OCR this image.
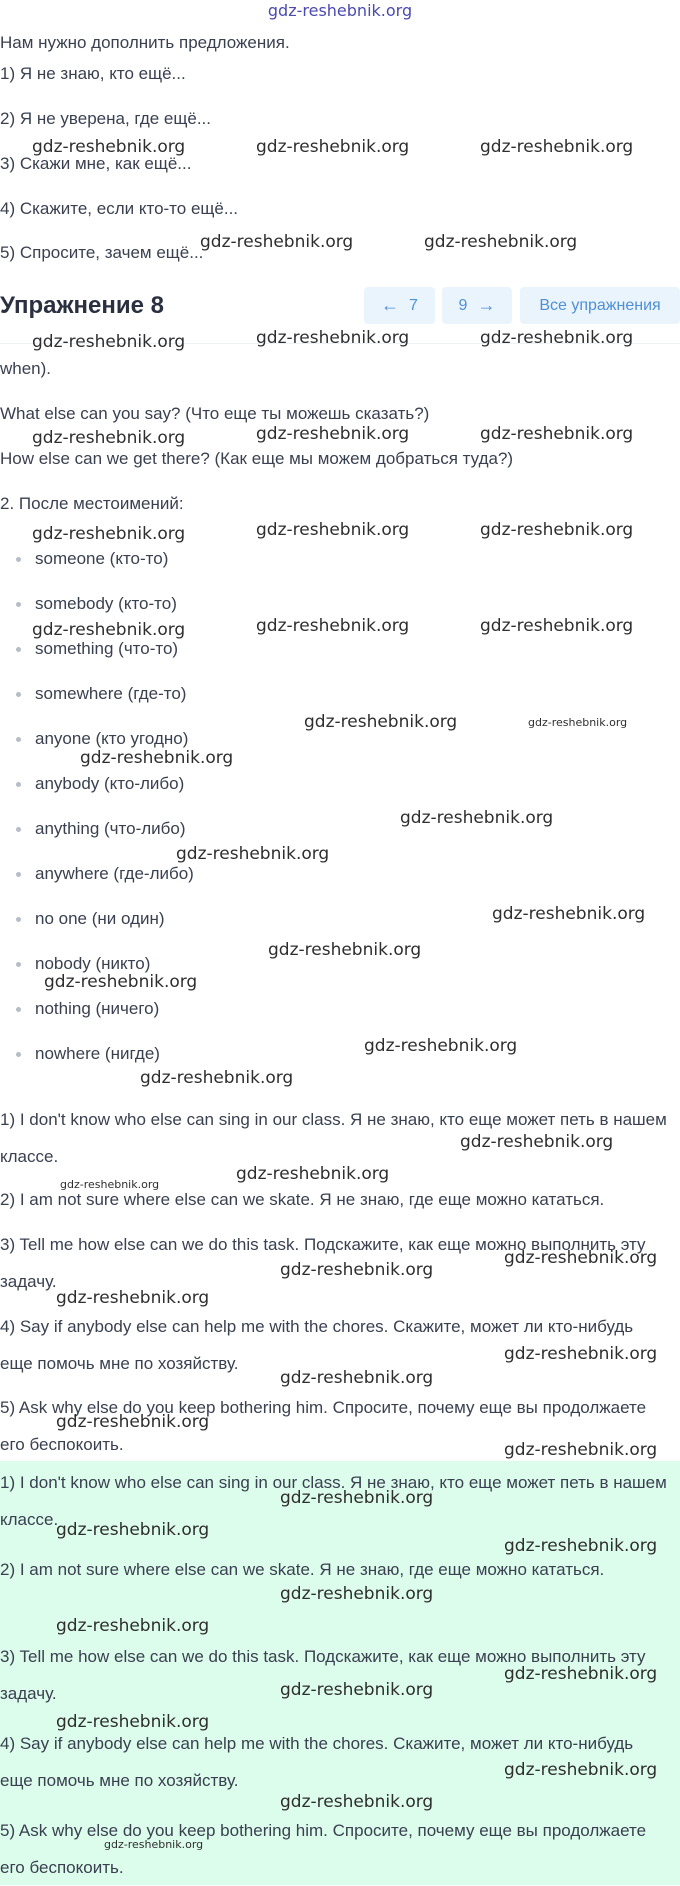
gdz-reshebnik.org
Нам нужно дополнить предложения.
1) Я не знаю, кто ещё...
2) Я не уверена, где ещё...
3) Скажи мне, как ещё...
4) Скажите, если кто-то ещё...
5) Спросите, зачем ещё...
Упражнение 8	← 7	9 →	Все упражнения
when).
What else can you say? (Что еще ты можешь сказать?)
How else can we get there? (Как еще мы можем добраться туда?)
2. После местоимений:
someone (кто-то)
somebody (кто-то)
something (что-то)
somewhere (где-то)
anyone (кто угодно)
anybody (кто-либо)
anything (что-либо)
anywhere (где-либо)
no one (ни один)
nobody (никто)
nothing (ничего)
nowhere (нигде)
1) I don't know who else can sing in our class. Я не знаю, кто еще может петь в нашем классе.
2) I am not sure where else can we skate. Я не знаю, где еще можно кататься.
3) Tell me how else can we do this task. Подскажите, как еще можно выполнить эту задачу.
4) Say if anybody else can help me with the chores. Скажите, может ли кто-нибудь еще помочь мне по хозяйству.
5) Ask why else do you keep bothering him. Спросите, почему еще вы продолжаете его беспокоить.
1) I don't know who else can sing in our class. Я не знаю, кто еще может петь в нашем классе.
2) I am not sure where else can we skate. Я не знаю, где еще можно кататься.
3) Tell me how else can we do this task. Подскажите, как еще можно выполнить эту задачу.
4) Say if anybody else can help me with the chores. Скажите, может ли кто-нибудь еще помочь мне по хозяйству.
5) Ask why else do you keep bothering him. Спросите, почему еще вы продолжаете его беспокоить.
gdz-reshebnik.org	gdz-reshebnik.org	gdz-reshebnik.org
gdz-reshebnik.org	gdz-reshebnik.org
gdz-reshebnik.org	gdz-reshebnik.org	gdz-reshebnik.org
gdz-reshebnik.org	gdz-reshebnik.org	gdz-reshebnik.org
gdz-reshebnik.org	gdz-reshebnik.org	gdz-reshebnik.org
gdz-reshebnik.org	gdz-reshebnik.org	gdz-reshebnik.org
gdz-reshebnik.org	gdz-reshebnik.org
gdz-reshebnik.org
gdz-reshebnik.org
gdz-reshebnik.org
gdz-reshebnik.org
gdz-reshebnik.org
gdz-reshebnik.org
gdz-reshebnik.org
gdz-reshebnik.org
gdz-reshebnik.org
gdz-reshebnik.org
gdz-reshebnik.org
gdz-reshebnik.org
gdz-reshebnik.org
gdz-reshebnik.org
gdz-reshebnik.org
gdz-reshebnik.org
gdz-reshebnik.org
gdz-reshebnik.org
gdz-reshebnik.org
gdz-reshebnik.org
gdz-reshebnik.org
gdz-reshebnik.org
gdz-reshebnik.org
gdz-reshebnik.org
gdz-reshebnik.org
gdz-reshebnik.org
gdz-reshebnik.org
gdz-reshebnik.org
gdz-reshebnik.org
